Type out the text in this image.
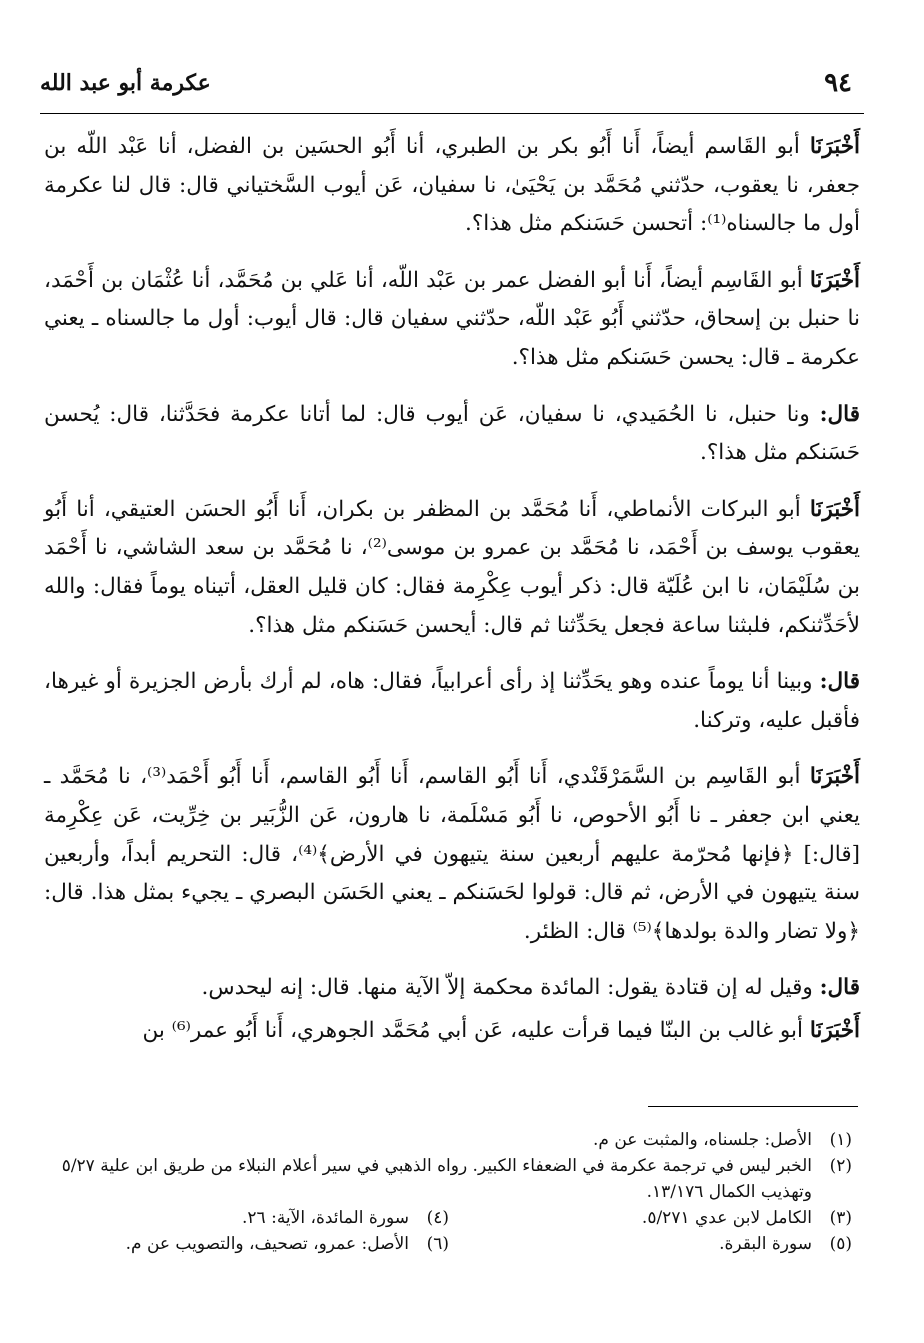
٩٤
عكرمة أبو عبد الله

أَخْبَرَنَا أبو القَاسم أيضاً، أَنا أَبُو بكر بن الطبري، أنا أَبُو الحسَين بن الفضل، أنا عَبْد اللّه بن جعفر، نا يعقوب، حدّثني مُحَمَّد بن يَحْيَىٰ، نا سفيان، عَن أيوب السَّختياني قال: قال لنا عكرمة أول ما جالسناه⁽¹⁾: أتحسن حَسَنكم مثل هذا؟.

أَخْبَرَنَا أبو القَاسِم أيضاً، أَنا أبو الفضل عمر بن عَبْد اللّه، أنا عَلي بن مُحَمَّد، أنا عُثْمَان بن أَحْمَد، نا حنبل بن إسحاق، حدّثني أَبُو عَبْد اللّه، حدّثني سفيان قال: قال أيوب: أول ما جالسناه ـ يعني عكرمة ـ قال: يحسن حَسَنكم مثل هذا؟.

قال: ونا حنبل، نا الحُمَيدي، نا سفيان، عَن أيوب قال: لما أتانا عكرمة فحَدَّثنا، قال: يُحسن حَسَنكم مثل هذا؟.

أَخْبَرَنَا أبو البركات الأنماطي، أَنا مُحَمَّد بن المظفر بن بكران، أَنا أَبُو الحسَن العتيقي، أنا أَبُو يعقوب يوسف بن أَحْمَد، نا مُحَمَّد بن عمرو بن موسى⁽²⁾، نا مُحَمَّد بن سعد الشاشي، نا أَحْمَد بن سُلَيْمَان، نا ابن عُلَيّة قال: ذكر أيوب عِكْرِمة فقال: كان قليل العقل، أتيناه يوماً فقال: والله لأحَدِّثنكم، فلبثنا ساعة فجعل يحَدِّثنا ثم قال: أيحسن حَسَنكم مثل هذا؟.

قال: وبينا أنا يوماً عنده وهو يحَدِّثنا إذ رأى أعرابياً، فقال: هاه، لم أرك بأرض الجزيرة أو غيرها، فأقبل عليه، وتركنا.

أَخْبَرَنَا أبو القَاسِم بن السَّمَرْقَنْدي، أَنا أَبُو القاسم، أَنا أَبُو القاسم، أَنا أَبُو أَحْمَد⁽³⁾، نا مُحَمَّد ـ يعني ابن جعفر ـ نا أَبُو الأحوص، نا أَبُو مَسْلَمة، نا هارون، عَن الزُّبَير بن خِرِّيت، عَن عِكْرِمة [قال:] ﴿فإنها مُحرّمة عليهم أربعين سنة يتيهون في الأرض﴾⁽⁴⁾، قال: التحريم أبداً، وأربعين سنة يتيهون في الأرض، ثم قال: قولوا لحَسَنكم ـ يعني الحَسَن البصري ـ يجيء بمثل هذا. قال: ﴿ولا تضار والدة بولدها﴾⁽⁵⁾ قال: الظئر.

قال: وقيل له إن قتادة يقول: المائدة محكمة إلاّ الآية منها. قال: إنه ليحدس.

أَخْبَرَنَا أبو غالب بن البنّا فيما قرأت عليه، عَن أبي مُحَمَّد الجوهري، أَنا أَبُو عمر⁽⁶⁾ بن

(١)
الأصل: جلسناه، والمثبت عن م.
(٢)
الخبر ليس في ترجمة عكرمة في الضعفاء الكبير. رواه الذهبي في سير أعلام النبلاء من طريق ابن علية ٥/٢٧ وتهذيب الكمال ١٣/١٧٦.
(٣)
الكامل لابن عدي ٥/٢٧١.
(٤)
سورة المائدة، الآية: ٢٦.
(٥)
سورة البقرة.
(٦)
الأصل: عمرو، تصحيف، والتصويب عن م.
